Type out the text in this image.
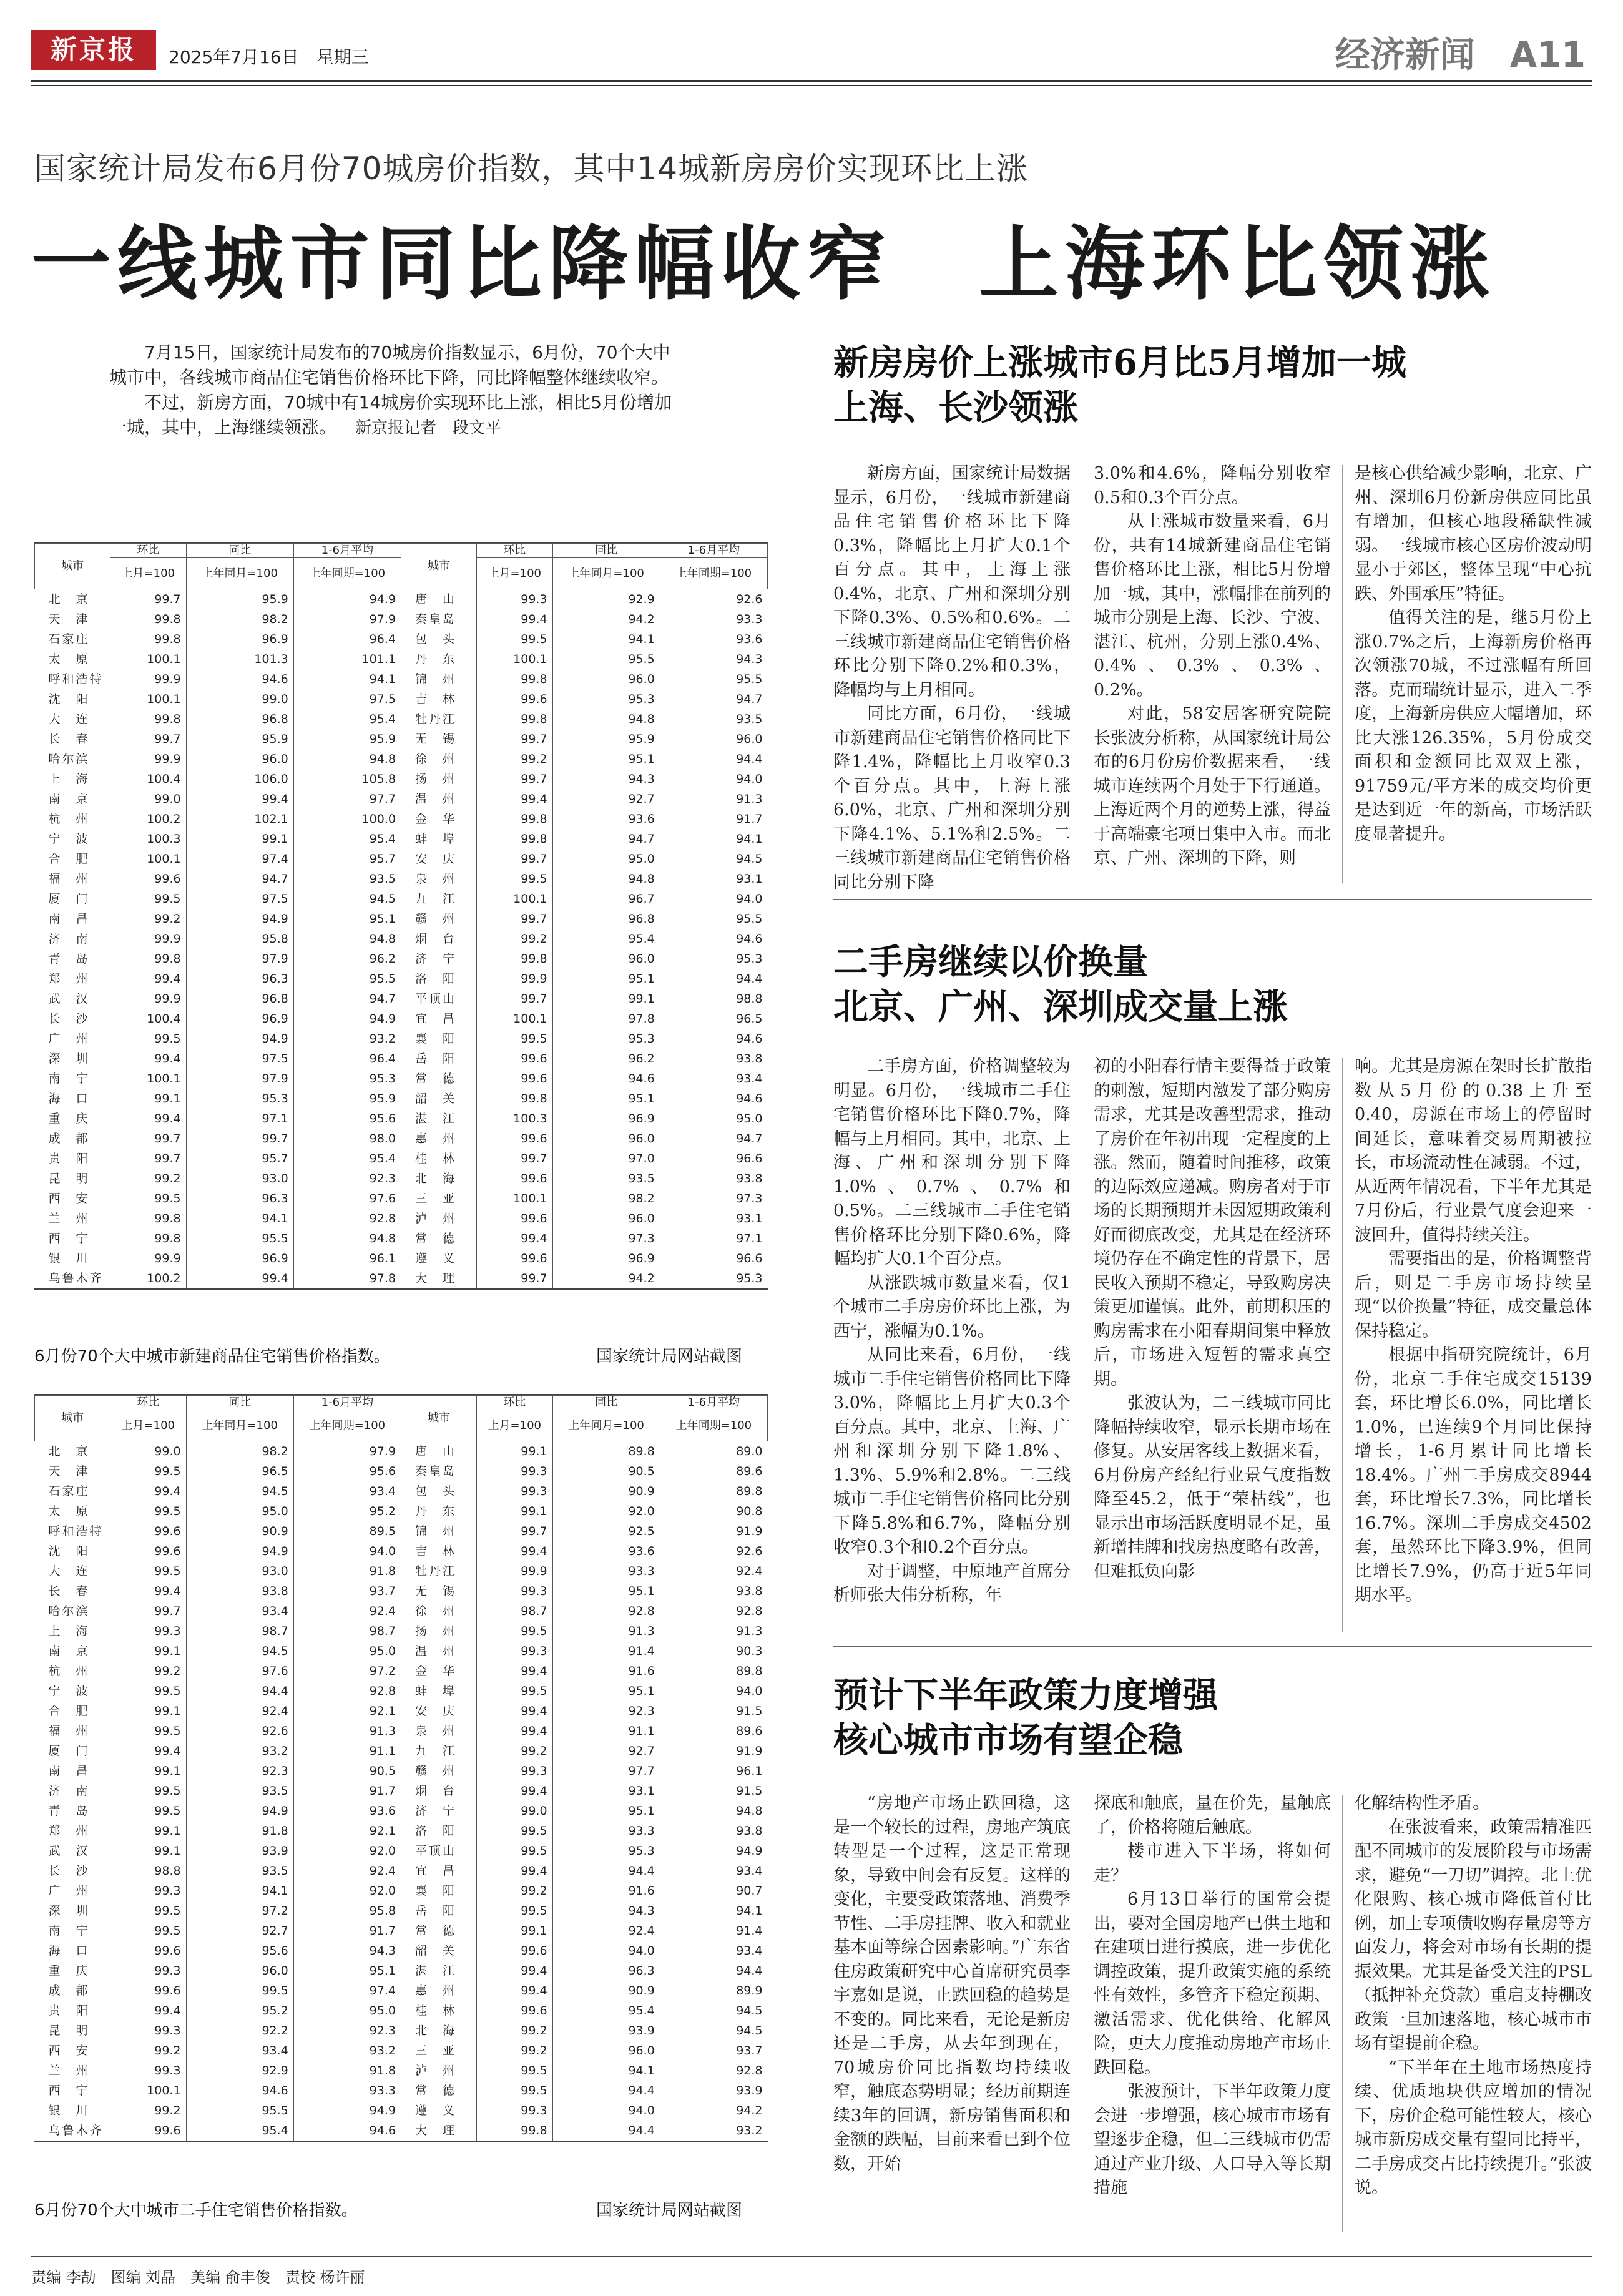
新京报	2025年7月16日　星期三	经济新闻　A11
国家统计局发布6月份70城房价指数，其中14城新房房价实现环比上涨
一线城市同比降幅收窄　上海环比领涨

7月15日，国家统计局发布的70城房价指数显示，6月份，70个大中城市中，各线城市商品住宅销售价格环比下降，同比降幅整体继续收窄。

不过，新房方面，70城中有14城房价实现环比上涨，相比5月份增加一城，其中，上海继续领涨。 新京报记者　段文平

城市	环比	同比	1-6月平均	城市	环比	同比	1-6月平均
	上月=100	上年同月=100	上年同期=100		上月=100	上年同月=100	上年同期=100
北　京	99.7	95.9	94.9	唐　山	99.3	92.9	92.6
天　津	99.8	98.2	97.9	秦皇岛	99.4	94.2	93.3
石家庄	99.8	96.9	96.4	包　头	99.5	94.1	93.6
太　原	100.1	101.3	101.1	丹　东	100.1	95.5	94.3
呼和浩特	99.9	94.6	94.1	锦　州	99.8	96.0	95.5
沈　阳	100.1	99.0	97.5	吉　林	99.6	95.3	94.7
大　连	99.8	96.8	95.4	牡丹江	99.8	94.8	93.5
长　春	99.7	95.9	95.9	无　锡	99.7	95.9	96.0
哈尔滨	99.9	96.0	94.8	徐　州	99.2	95.1	94.4
上　海	100.4	106.0	105.8	扬　州	99.7	94.3	94.0
南　京	99.0	99.4	97.7	温　州	99.4	92.7	91.3
杭　州	100.2	102.1	100.0	金　华	99.8	93.6	91.7
宁　波	100.3	99.1	95.4	蚌　埠	99.8	94.7	94.1
合　肥	100.1	97.4	95.7	安　庆	99.7	95.0	94.5
福　州	99.6	94.7	93.5	泉　州	99.5	94.8	93.1
厦　门	99.5	97.5	94.5	九　江	100.1	96.7	94.0
南　昌	99.2	94.9	95.1	赣　州	99.7	96.8	95.5
济　南	99.9	95.8	94.8	烟　台	99.2	95.4	94.6
青　岛	99.8	97.9	96.2	济　宁	99.8	96.0	95.3
郑　州	99.4	96.3	95.5	洛　阳	99.9	95.1	94.4
武　汉	99.9	96.8	94.7	平顶山	99.7	99.1	98.8
长　沙	100.4	96.9	94.9	宜　昌	100.1	97.8	96.5
广　州	99.5	94.9	93.2	襄　阳	99.5	95.3	94.6
深　圳	99.4	97.5	96.4	岳　阳	99.6	96.2	93.8
南　宁	100.1	97.9	95.3	常　德	99.6	94.6	93.4
海　口	99.1	95.3	95.9	韶　关	99.8	95.1	94.6
重　庆	99.4	97.1	95.6	湛　江	100.3	96.9	95.0
成　都	99.7	99.7	98.0	惠　州	99.6	96.0	94.7
贵　阳	99.7	95.7	95.4	桂　林	99.7	97.0	96.6
昆　明	99.2	93.0	92.3	北　海	99.6	93.5	93.8
西　安	99.5	96.3	97.6	三　亚	100.1	98.2	97.3
兰　州	99.8	94.1	92.8	泸　州	99.6	96.0	93.1
西　宁	99.8	95.5	94.8	常　德	99.4	97.3	97.1
银　川	99.9	96.9	96.1	遵　义	99.6	96.9	96.6
乌鲁木齐	100.2	99.4	97.8	大　理	99.7	94.2	95.3
6月份70个大中城市新建商品住宅销售价格指数。	国家统计局网站截图
城市	环比	同比	1-6月平均	城市	环比	同比	1-6月平均
	上月=100	上年同月=100	上年同期=100		上月=100	上年同月=100	上年同期=100
北　京	99.0	98.2	97.9	唐　山	99.1	89.8	89.0
天　津	99.5	96.5	95.6	秦皇岛	99.3	90.5	89.6
石家庄	99.4	94.5	93.4	包　头	99.3	90.9	89.8
太　原	99.5	95.0	95.2	丹　东	99.1	92.0	90.8
呼和浩特	99.6	90.9	89.5	锦　州	99.7	92.5	91.9
沈　阳	99.6	94.9	94.0	吉　林	99.4	93.6	92.6
大　连	99.5	93.0	91.8	牡丹江	99.9	93.3	92.4
长　春	99.4	93.8	93.7	无　锡	99.3	95.1	93.8
哈尔滨	99.7	93.4	92.4	徐　州	98.7	92.8	92.8
上　海	99.3	98.7	98.7	扬　州	99.5	91.3	91.3
南　京	99.1	94.5	95.0	温　州	99.3	91.4	90.3
杭　州	99.2	97.6	97.2	金　华	99.4	91.6	89.8
宁　波	99.5	94.4	92.8	蚌　埠	99.5	95.1	94.0
合　肥	99.1	92.4	92.1	安　庆	99.4	92.3	91.5
福　州	99.5	92.6	91.3	泉　州	99.4	91.1	89.6
厦　门	99.4	93.2	91.1	九　江	99.2	92.7	91.9
南　昌	99.1	92.3	90.5	赣　州	99.3	97.7	96.1
济　南	99.5	93.5	91.7	烟　台	99.4	93.1	91.5
青　岛	99.5	94.9	93.6	济　宁	99.0	95.1	94.8
郑　州	99.1	91.8	92.1	洛　阳	99.5	93.3	93.8
武　汉	99.1	93.9	92.0	平顶山	99.5	95.3	94.9
长　沙	98.8	93.5	92.4	宜　昌	99.4	94.4	93.4
广　州	99.3	94.1	92.0	襄　阳	99.2	91.6	90.7
深　圳	99.5	97.2	95.8	岳　阳	99.5	94.3	94.1
南　宁	99.5	92.7	91.7	常　德	99.1	92.4	91.4
海　口	99.6	95.6	94.3	韶　关	99.6	94.0	93.4
重　庆	99.3	96.0	95.1	湛　江	99.4	96.3	94.4
成　都	99.6	99.5	97.4	惠　州	99.4	90.9	89.9
贵　阳	99.4	95.2	95.0	桂　林	99.6	95.4	94.5
昆　明	99.3	92.2	92.3	北　海	99.2	93.9	94.5
西　安	99.2	93.4	93.2	三　亚	99.2	96.0	93.7
兰　州	99.3	92.9	91.8	泸　州	99.5	94.1	92.8
西　宁	100.1	94.6	93.3	常　德	99.5	94.4	93.9
银　川	99.2	95.5	94.9	遵　义	99.3	94.0	94.2
乌鲁木齐	99.6	95.4	94.6	大　理	99.8	94.4	93.2
6月份70个大中城市二手住宅销售价格指数。	国家统计局网站截图
新房房价上涨城市6月比5月增加一城
上海、长沙领涨

新房方面，国家统计局数据显示，6月份，一线城市新建商品住宅销售价格环比下降0.3%，降幅比上月扩大0.1个百分点。其中，上海上涨0.4%，北京、广州和深圳分别下降0.3%、0.5%和0.6%。二三线城市新建商品住宅销售价格环比分别下降0.2%和0.3%，降幅均与上月相同。

同比方面，6月份，一线城市新建商品住宅销售价格同比下降1.4%，降幅比上月收窄0.3个百分点。其中，上海上涨6.0%，北京、广州和深圳分别下降4.1%、5.1%和2.5%。二三线城市新建商品住宅销售价格同比分别下降

3.0%和4.6%，降幅分别收窄0.5和0.3个百分点。

从上涨城市数量来看，6月份，共有14城新建商品住宅销售价格环比上涨，相比5月份增加一城，其中，涨幅排在前列的城市分别是上海、长沙、宁波、湛江、杭州，分别上涨0.4%、0.4%、0.3%、0.3%、0.2%。

对此，58安居客研究院院长张波分析称，从国家统计局公布的6月份房价数据来看，一线城市连续两个月处于下行通道。上海近两个月的逆势上涨，得益于高端豪宅项目集中入市。而北京、广州、深圳的下降，则

是核心供给减少影响，北京、广州、深圳6月份新房供应同比虽有增加，但核心地段稀缺性减弱。一线城市核心区房价波动明显小于郊区，整体呈现“中心抗跌、外围承压”特征。

值得关注的是，继5月份上涨0.7%之后，上海新房价格再次领涨70城，不过涨幅有所回落。克而瑞统计显示，进入二季度，上海新房供应大幅增加，环比大涨126.35%，5月份成交面积和金额同比双双上涨，91759元/平方米的成交均价更是达到近一年的新高，市场活跃度显著提升。

二手房继续以价换量
北京、广州、深圳成交量上涨

二手房方面，价格调整较为明显。6月份，一线城市二手住宅销售价格环比下降0.7%，降幅与上月相同。其中，北京、上海、广州和深圳分别下降1.0%、0.7%、0.7%和0.5%。二三线城市二手住宅销售价格环比分别下降0.6%，降幅均扩大0.1个百分点。

从涨跌城市数量来看，仅1个城市二手房房价环比上涨，为西宁，涨幅为0.1%。

从同比来看，6月份，一线城市二手住宅销售价格同比下降3.0%，降幅比上月扩大0.3个百分点。其中，北京、上海、广州和深圳分别下降1.8%、1.3%、5.9%和2.8%。二三线城市二手住宅销售价格同比分别下降5.8%和6.7%，降幅分别收窄0.3个和0.2个百分点。

对于调整，中原地产首席分析师张大伟分析称，年

初的小阳春行情主要得益于政策的刺激，短期内激发了部分购房需求，尤其是改善型需求，推动了房价在年初出现一定程度的上涨。然而，随着时间推移，政策的边际效应递减。购房者对于市场的长期预期并未因短期政策利好而彻底改变，尤其是在经济环境仍存在不确定性的背景下，居民收入预期不稳定，导致购房决策更加谨慎。此外，前期积压的购房需求在小阳春期间集中释放后，市场进入短暂的需求真空期。

张波认为，二三线城市同比降幅持续收窄，显示长期市场在修复。从安居客线上数据来看，6月份房产经纪行业景气度指数降至45.2，低于“荣枯线”，也显示出市场活跃度明显不足，虽新增挂牌和找房热度略有改善，但难抵负向影

响。尤其是房源在架时长扩散指数从5月份的0.38上升至0.40，房源在市场上的停留时间延长，意味着交易周期被拉长，市场流动性在减弱。不过，从近两年情况看，下半年尤其是7月份后，行业景气度会迎来一波回升，值得持续关注。

需要指出的是，价格调整背后，则是二手房市场持续呈现“以价换量”特征，成交量总体保持稳定。

根据中指研究院统计，6月份，北京二手住宅成交15139套，环比增长6.0%，同比增长1.0%，已连续9个月同比保持增长，1-6月累计同比增长18.4%。广州二手房成交8944套，环比增长7.3%，同比增长16.7%。深圳二手房成交4502套，虽然环比下降3.9%，但同比增长7.9%，仍高于近5年同期水平。

预计下半年政策力度增强
核心城市市场有望企稳

“房地产市场止跌回稳，这是一个较长的过程，房地产筑底转型是一个过程，这是正常现象，导致中间会有反复。这样的变化，主要受政策落地、消费季节性、二手房挂牌、收入和就业基本面等综合因素影响。”广东省住房政策研究中心首席研究员李宇嘉如是说，止跌回稳的趋势是不变的。同比来看，无论是新房还是二手房，从去年到现在，70城房价同比指数均持续收窄，触底态势明显；经历前期连续3年的回调，新房销售面积和金额的跌幅，目前来看已到个位数，开始

探底和触底，量在价先，量触底了，价格将随后触底。

楼市进入下半场，将如何走？

6月13日举行的国常会提出，要对全国房地产已供土地和在建项目进行摸底，进一步优化调控政策，提升政策实施的系统性有效性，多管齐下稳定预期、激活需求、优化供给、化解风险，更大力度推动房地产市场止跌回稳。

张波预计，下半年政策力度会进一步增强，核心城市市场有望逐步企稳，但二三线城市仍需通过产业升级、人口导入等长期措施

化解结构性矛盾。

在张波看来，政策需精准匹配不同城市的发展阶段与市场需求，避免“一刀切”调控。北上优化限购、核心城市降低首付比例，加上专项债收购存量房等方面发力，将会对市场有长期的提振效果。尤其是备受关注的PSL（抵押补充贷款）重启支持棚改政策一旦加速落地，核心城市市场有望提前企稳。

“下半年在土地市场热度持续、优质地块供应增加的情况下，房价企稳可能性较大，核心城市新房成交量有望同比持平，二手房成交占比持续提升。”张波说。

责编 李劼　图编 刘晶　美编 俞丰俊　责校 杨许丽
